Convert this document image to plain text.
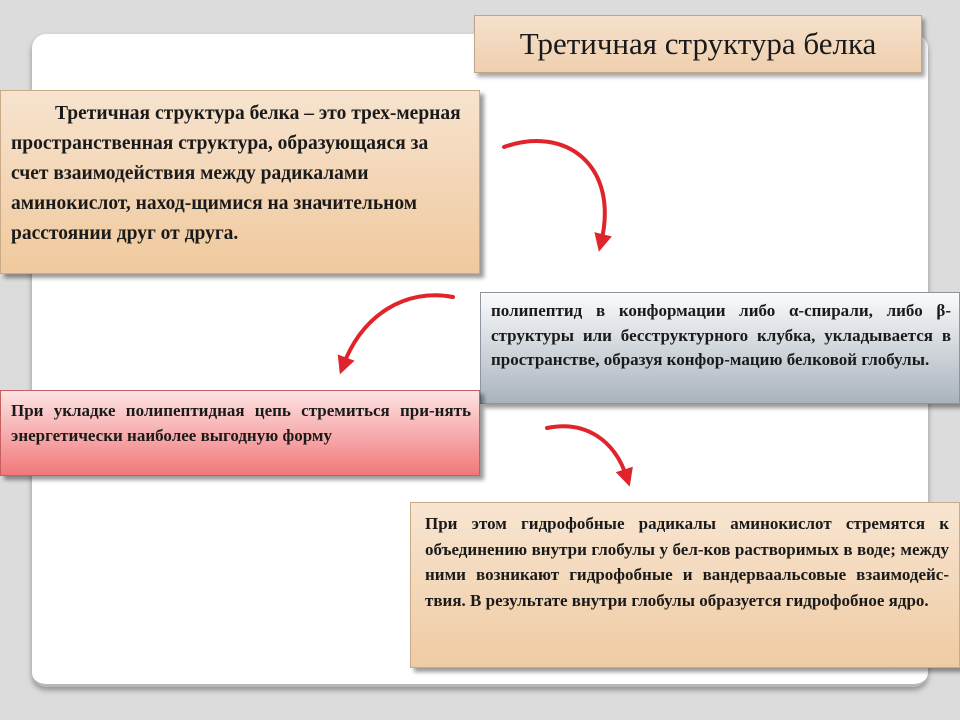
Третичная структура белка
Третичная структура белка – это трех-мерная пространственная структура, образующаяся за счет взаимодействия между радикалами аминокислот, наход-щимися на значительном расстоянии друг от друга.
полипептид в конформации либо α-спирали, либо β-структуры или бесструктурного клубка, укладывается в пространстве, образуя конфор-мацию белковой глобулы.
При укладке полипептидная цепь стремиться при-нять энергетически наиболее выгодную форму
При этом гидрофобные радикалы аминокислот стремятся к объединению внутри глобулы у бел-ков растворимых в воде; между ними возникают гидрофобные и вандерваальсовые взаимодейс-твия. В результате внутри глобулы образуется гидрофобное ядро.
